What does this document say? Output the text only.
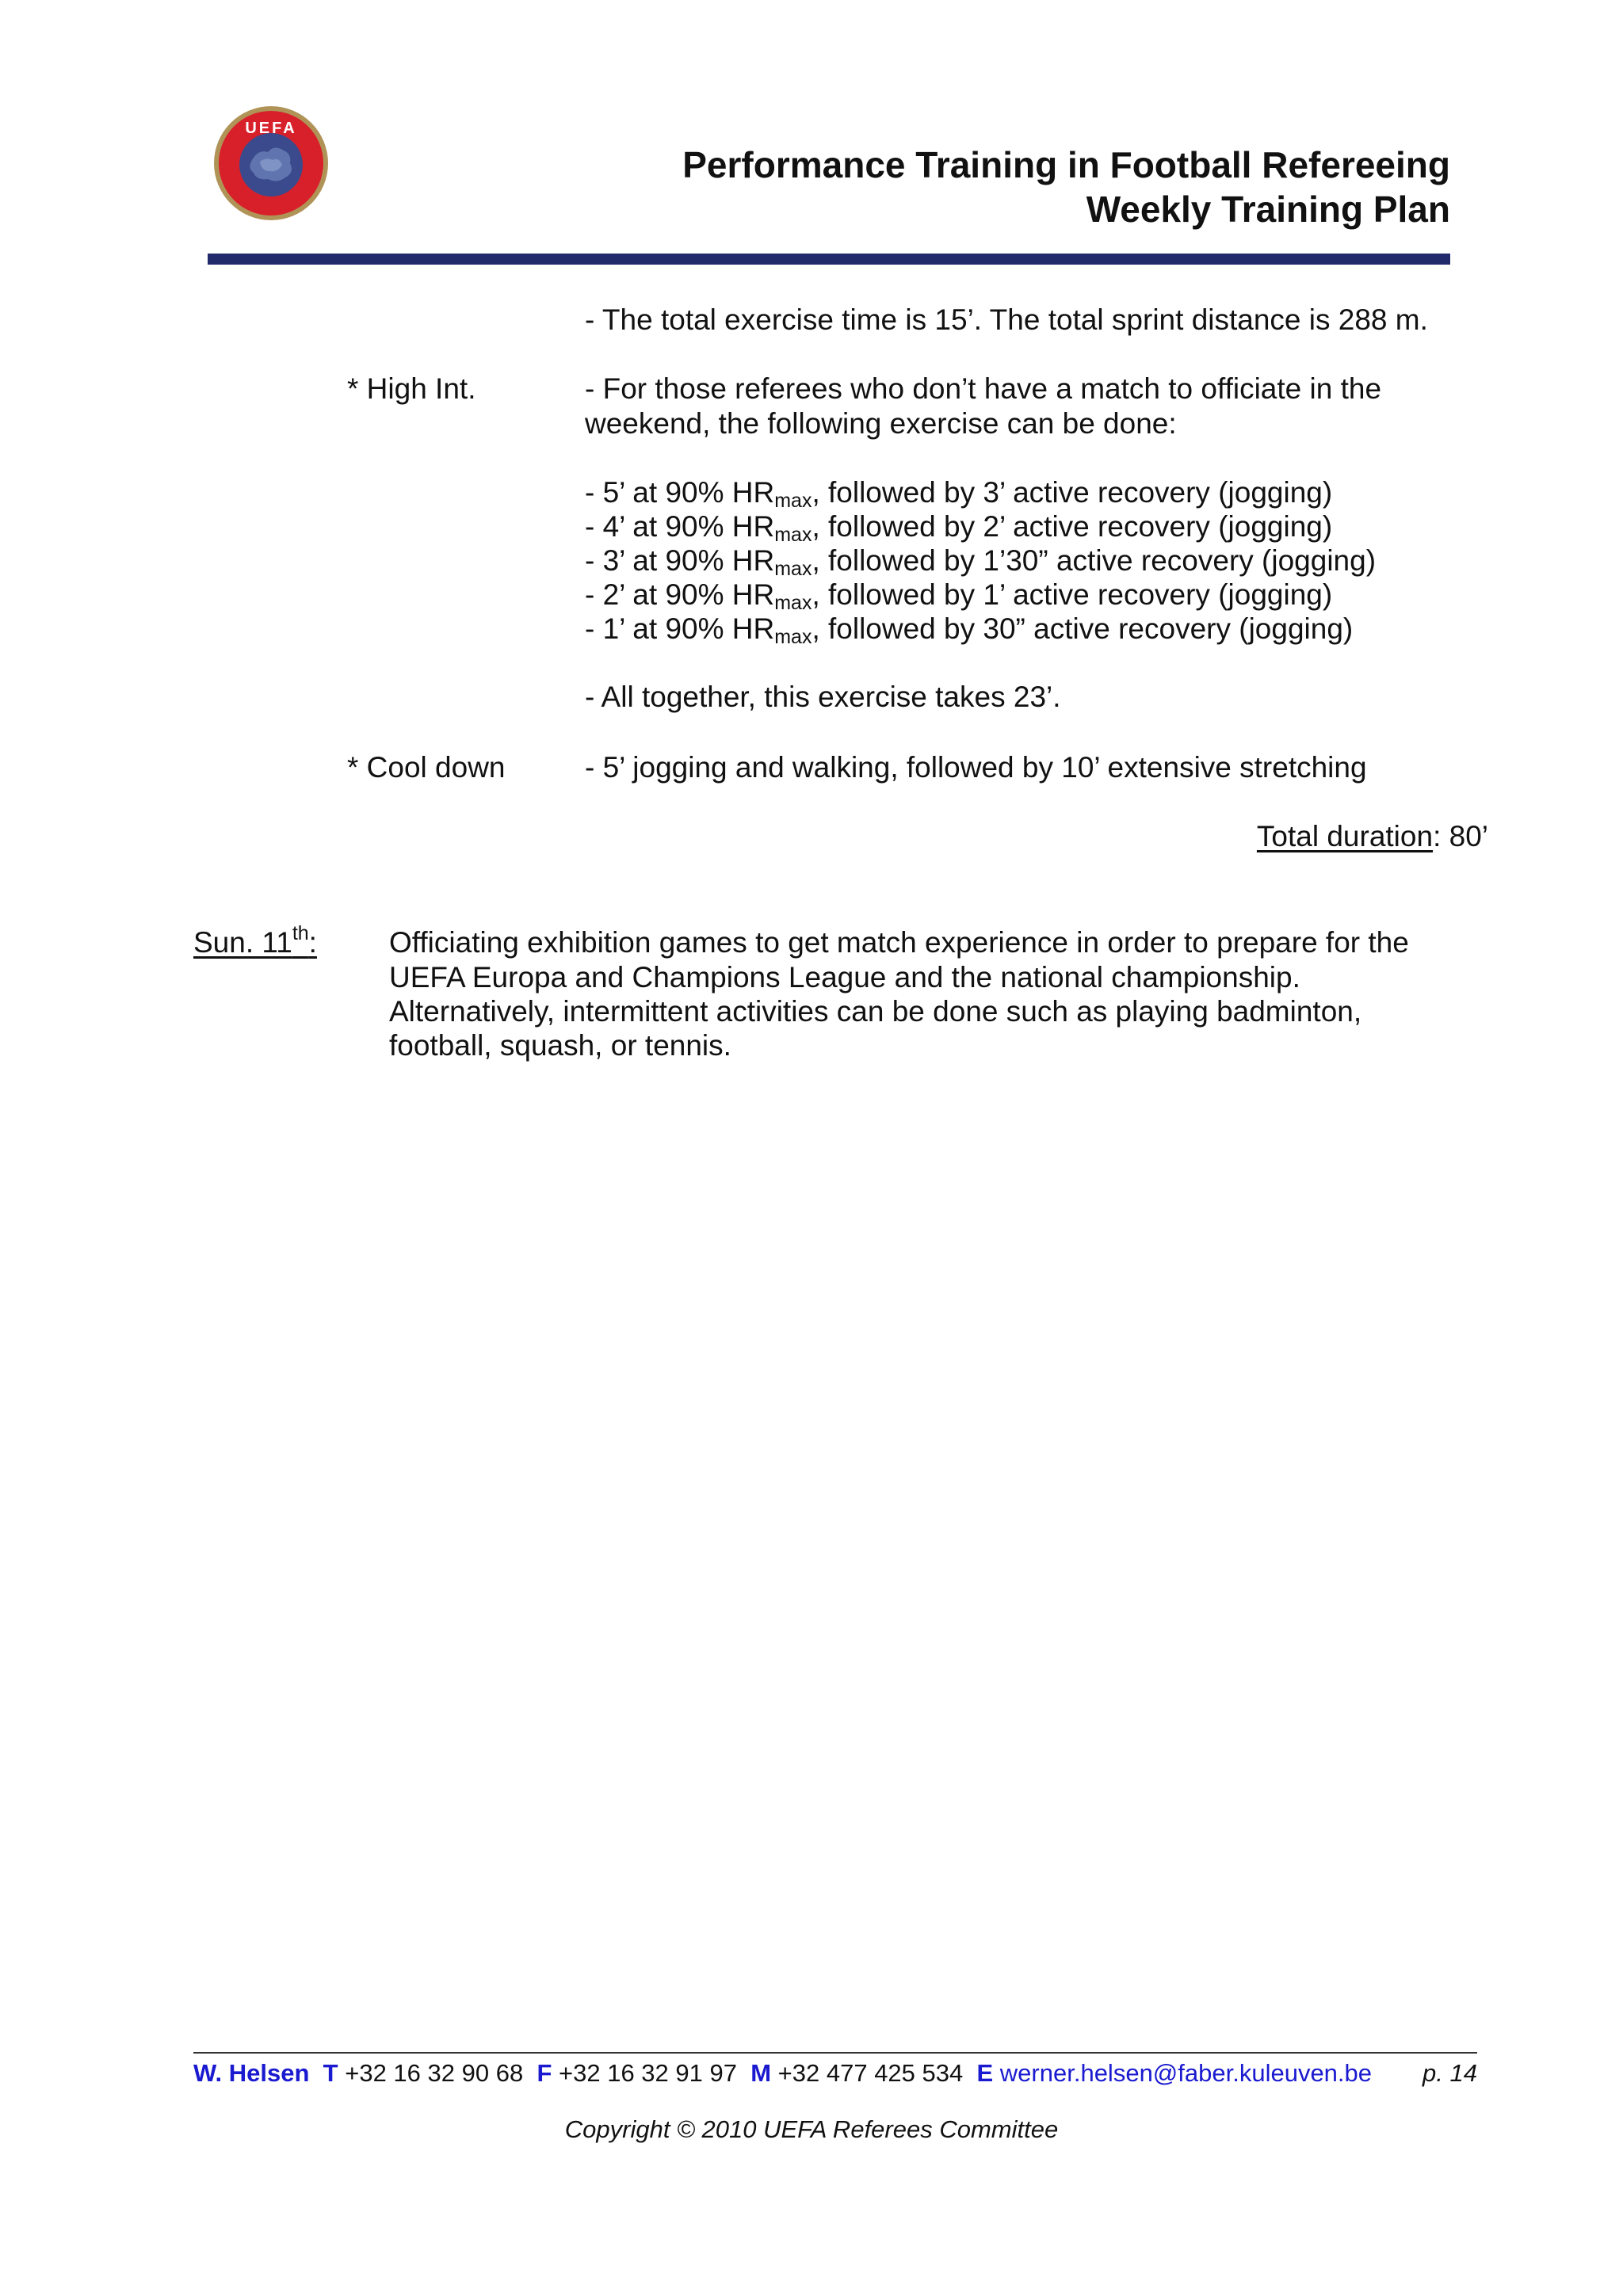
UEFA
Performance Training in Football Refereeing
Weekly Training Plan
- The total exercise time is 15’. The total sprint distance is 288 m.
* High Int.	- For those referees who don’t have a match to officiate in the
weekend, the following exercise can be done:
- 5’ at 90% $HR_{max}$, followed by 3’ active recovery (jogging)
- 4’ at 90% $HR_{max}$, followed by 2’ active recovery (jogging)
- 3’ at 90% $HR_{max}$, followed by 1’30” active recovery (jogging)
- 2’ at 90% $HR_{max}$, followed by 1’ active recovery (jogging)
- 1’ at 90% $HR_{max}$, followed by 30” active recovery (jogging)
- All together, this exercise takes 23’.
* Cool down	- 5’ jogging and walking, followed by 10’ extensive stretching
Total duration: 80’
Sun. 11th: Officiating exhibition games to get match experience in order to prepare for the
UEFA Europa and Champions League and the national championship.
Alternatively, intermittent activities can be done such as playing badminton,
football, squash, or tennis.
W. Helsen T +32 16 32 90 68 F +32 16 32 91 97 M +32 477 425 534 E werner.helsen@faber.kuleuven.be p. 14
Copyright © 2010 UEFA Referees Committee
